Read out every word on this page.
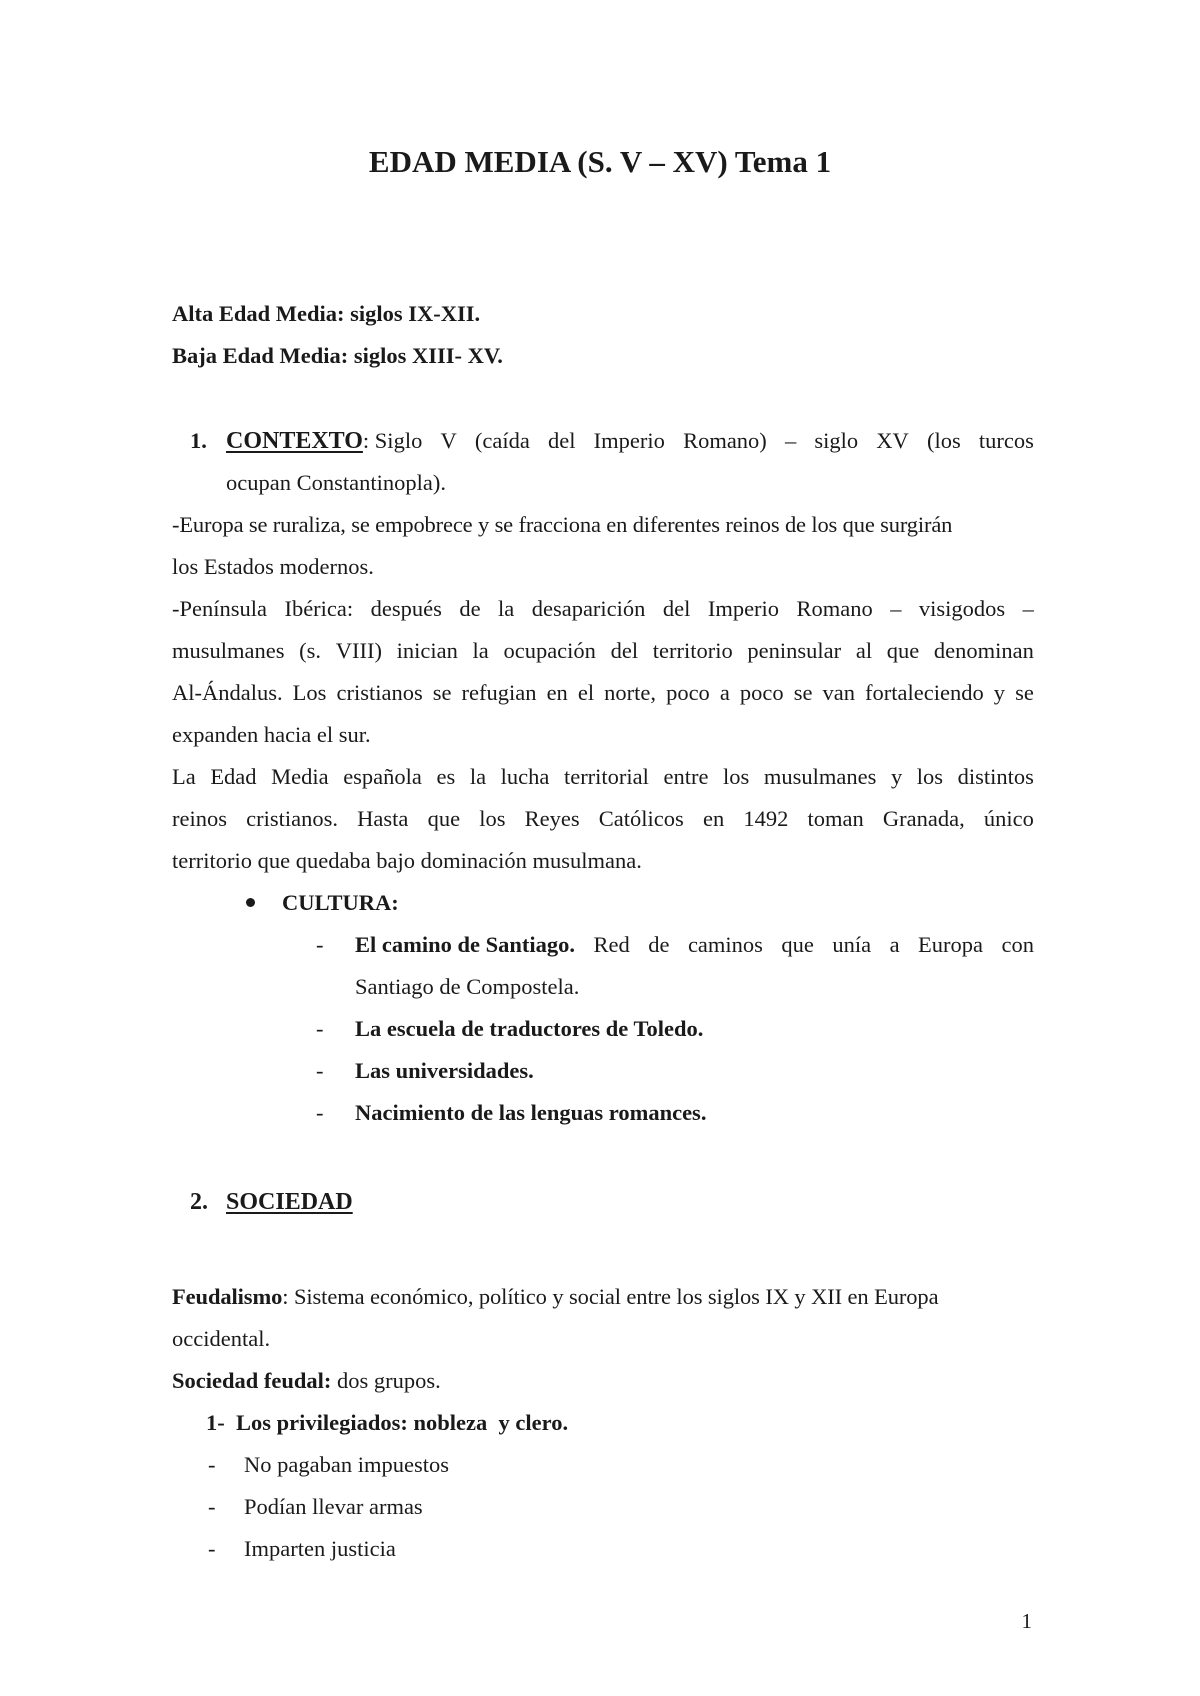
EDAD MEDIA (S. V – XV) Tema 1
Alta Edad Media: siglos IX-XII.
Baja Edad Media: siglos XIII- XV.
1. CONTEXTO: Siglo V (caída del Imperio Romano) – siglo XV (los turcos
ocupan Constantinopla).
-Europa se ruraliza, se empobrece y se fracciona en diferentes reinos de los que surgirán
los Estados modernos.
-Península Ibérica: después de la desaparición del Imperio Romano – visigodos –
musulmanes (s. VIII) inician la ocupación del territorio peninsular al que denominan
Al-Ándalus. Los cristianos se refugian en el norte, poco a poco se van fortaleciendo y se
expanden hacia el sur.
La Edad Media española es la lucha territorial entre los musulmanes y los distintos
reinos cristianos. Hasta que los Reyes Católicos en 1492 toman Granada, único
territorio que quedaba bajo dominación musulmana.
CULTURA:
- El camino de Santiago. Red de caminos que unía a Europa con
Santiago de Compostela.
- La escuela de traductores de Toledo.
- Las universidades.
- Nacimiento de las lenguas romances.
2. SOCIEDAD
Feudalismo: Sistema económico, político y social entre los siglos IX y XII en Europa
occidental.
Sociedad feudal: dos grupos.
1-  Los privilegiados: nobleza  y clero.
- No pagaban impuestos
- Podían llevar armas
- Imparten justicia
1
